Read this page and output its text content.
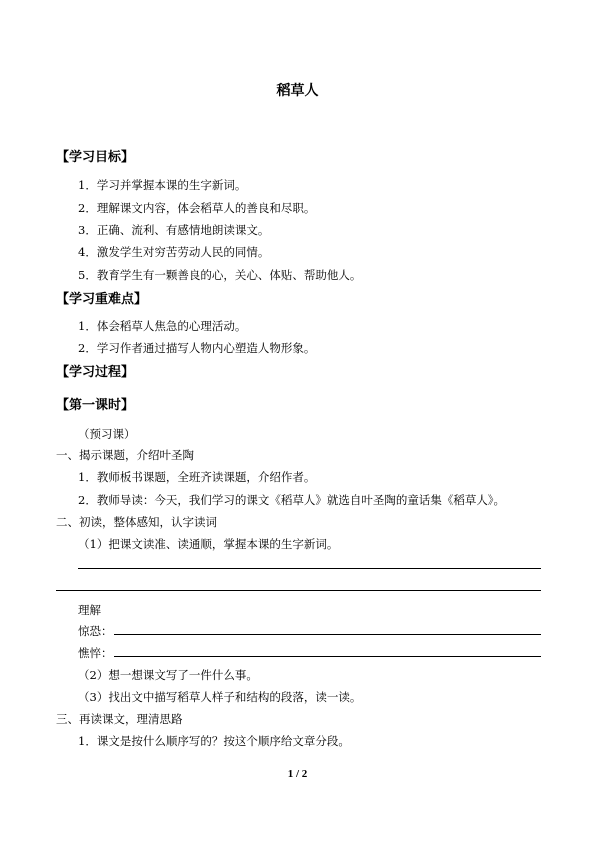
稻草人
【学习目标】
1．学习并掌握本课的生字新词。
2．理解课文内容，体会稻草人的善良和尽职。
3．正确、流利、有感情地朗读课文。
4．激发学生对穷苦劳动人民的同情。
5．教育学生有一颗善良的心，关心、体贴、帮助他人。
【学习重难点】
1．体会稻草人焦急的心理活动。
2．学习作者通过描写人物内心塑造人物形象。
【学习过程】
【第一课时】
（预习课）
一、揭示课题，介绍叶圣陶
1．教师板书课题，全班齐读课题，介绍作者。
2．教师导读：今天，我们学习的课文《稻草人》就选自叶圣陶的童话集《稻草人》。
二、初读，整体感知，认字读词
（1）把课文读准、读通顺，掌握本课的生字新词。
理解
惊恐：
憔悴：
（2）想一想课文写了一件什么事。
（3）找出文中描写稻草人样子和结构的段落，读一读。
三、再读课文，理清思路
1．课文是按什么顺序写的？按这个顺序给文章分段。
1 / 2
